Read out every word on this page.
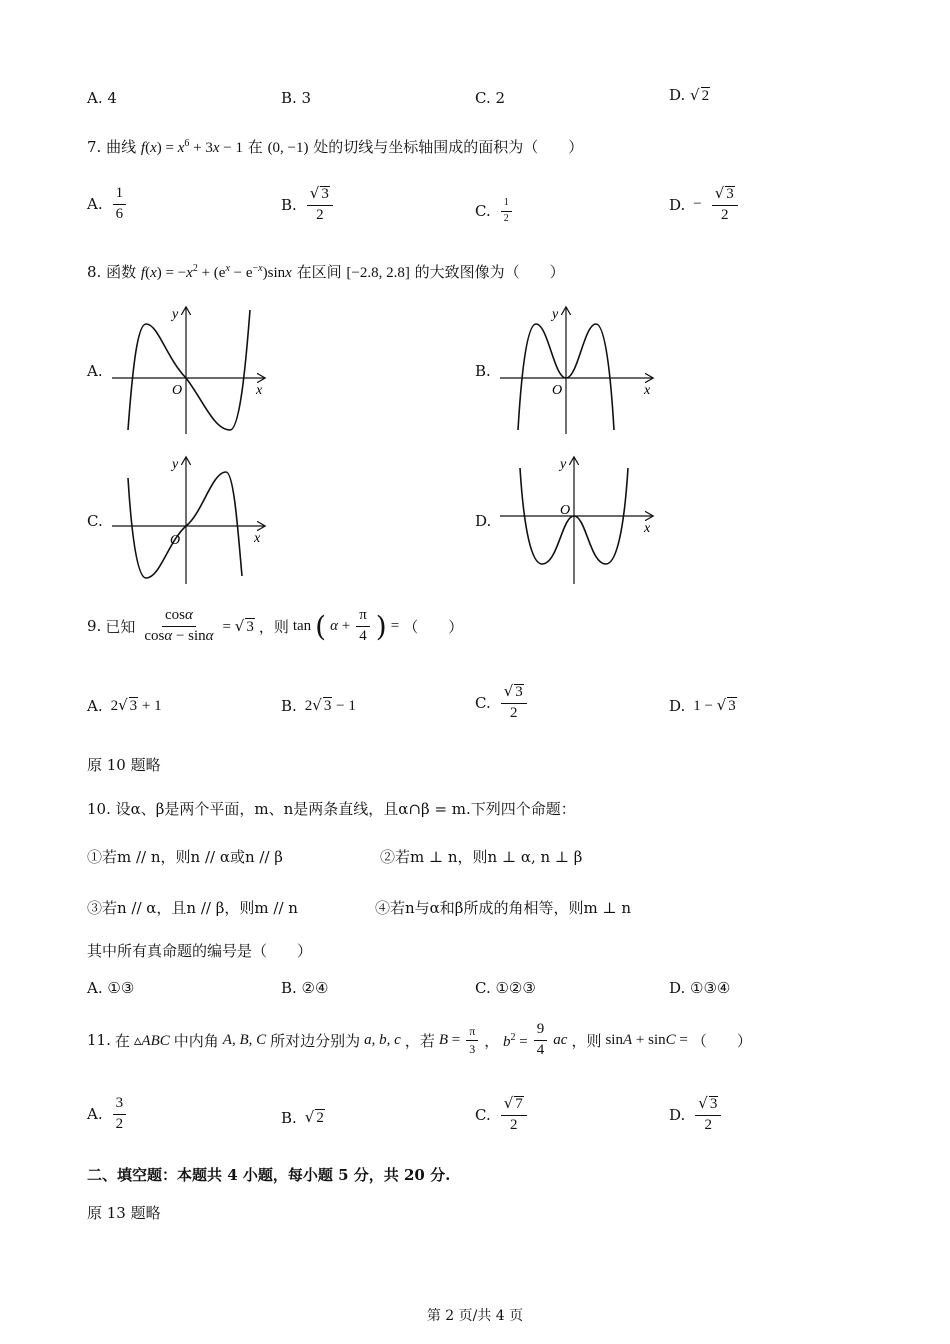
A. 4	B. 3	C. 2	D. √ 2
7. 曲线 $f(x) = x^6 + 3x - 1$ 在 (0, −1) 处的切线与坐标轴围成的面积为（　　）
A. $\frac{1}{6}$	B. $\frac{√ 3}{2}$	C. $\frac{1}{2}$	D. − $\frac{√ 3}{2}$
8. 函数 $f(x) = -x^2 + (e^x - e^{-x})\sin x$ 在区间 [−2.8, 2.8] 的大致图像为（　　）
A.
y
x
O
B.
y
x
O
C.
y
x
O
D.
y
x
O
9. 已知 $\frac{\cos\alpha}{\cos\alpha - \sin\alpha}$ = √ 3 ，则 tan ( $\alpha + \frac{\pi}{4}$ ) = （　　）
A. 2√ 3 + 1	B. 2√ 3 − 1	C. $\frac{√ 3}{2}$	D. 1 − √ 3
原 10 题略
10. 设α、β是两个平面，m、n是两条直线，且α∩β = m.下列四个命题：
①若m // n，则n // α或n // β	②若m ⊥ n，则n ⊥ α, n ⊥ β
③若n // α，且n // β，则m // n	④若n与α和β所成的角相等，则m ⊥ n
其中所有真命题的编号是（　　）
A. ①③	B. ②④	C. ①②③	D. ①③④
11. 在 ▵ABC 中内角 A, B, C 所对边分别为 a, b, c ，若 $B = \frac{\pi}{3}$ ， $b^2 = \frac{9}{4}$ ac ，则 sinA + sinC = （　　）
A. $\frac{3}{2}$	B. √ 2	C. $\frac{√ 7}{2}$	D. $\frac{√ 3}{2}$
二、填空题：本题共 4 小题，每小题 5 分，共 20 分.
原 13 题略
第 2 页/共 4 页
